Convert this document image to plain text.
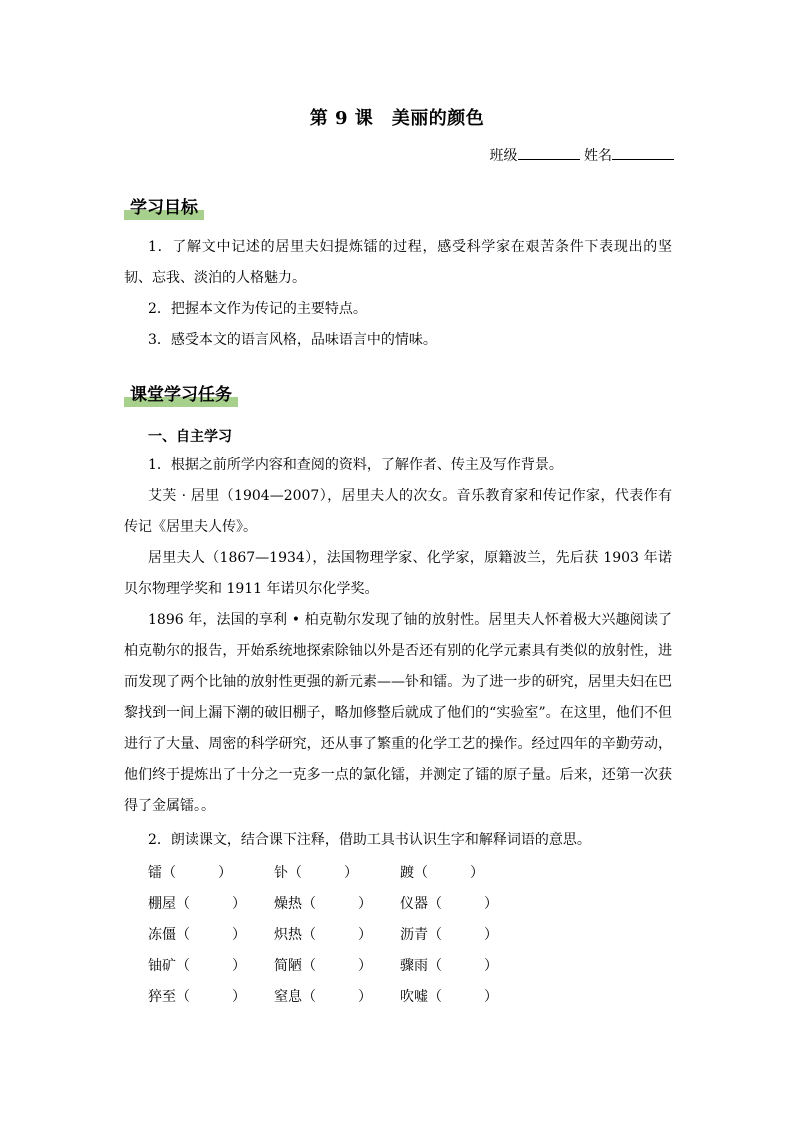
第 9 课　美丽的颜色
班级	姓名
学习目标

1．了解文中记述的居里夫妇提炼镭的过程，感受科学家在艰苦条件下表现出的坚韧、忘我、淡泊的人格魅力。

2．把握本文作为传记的主要特点。

3．感受本文的语言风格，品味语言中的情味。

课堂学习任务
一、自主学习

1．根据之前所学内容和查阅的资料，了解作者、传主及写作背景。

艾芙 · 居里（1904—2007），居里夫人的次女。音乐教育家和传记作家，代表作有传记《居里夫人传》。

居里夫人（1867—1934），法国物理学家、化学家，原籍波兰，先后获 1903 年诺贝尔物理学奖和 1911 年诺贝尔化学奖。

1896 年，法国的享利 • 柏克勒尔发现了铀的放射性。居里夫人怀着极大兴趣阅读了柏克勒尔的报告，开始系统地探索除铀以外是否还有别的化学元素具有类似的放射性，进而发现了两个比铀的放射性更强的新元素——钋和镭。为了进一步的研究，居里夫妇在巴黎找到一间上漏下潮的破旧棚子，略加修整后就成了他们的“实验室”。在这里，他们不但进行了大量、周密的科学研究，还从事了繁重的化学工艺的操作。经过四年的辛勤劳动，他们终于提炼出了十分之一克多一点的氯化镭，并测定了镭的原子量。后来，还第一次获得了金属镭。。

2．朗读课文，结合课下注释，借助工具书认识生字和解释词语的意思。

镭（　　　）	钋（　　　）	踱（　　　）
棚屋（　　　）	燥热（　　　）	仪器（　　　）
冻僵（　　　）	炽热（　　　）	沥青（　　　）
铀矿（　　　）	简陋（　　　）	骤雨（　　　）
猝至（　　　）	窒息（　　　）	吹嘘（　　　）
